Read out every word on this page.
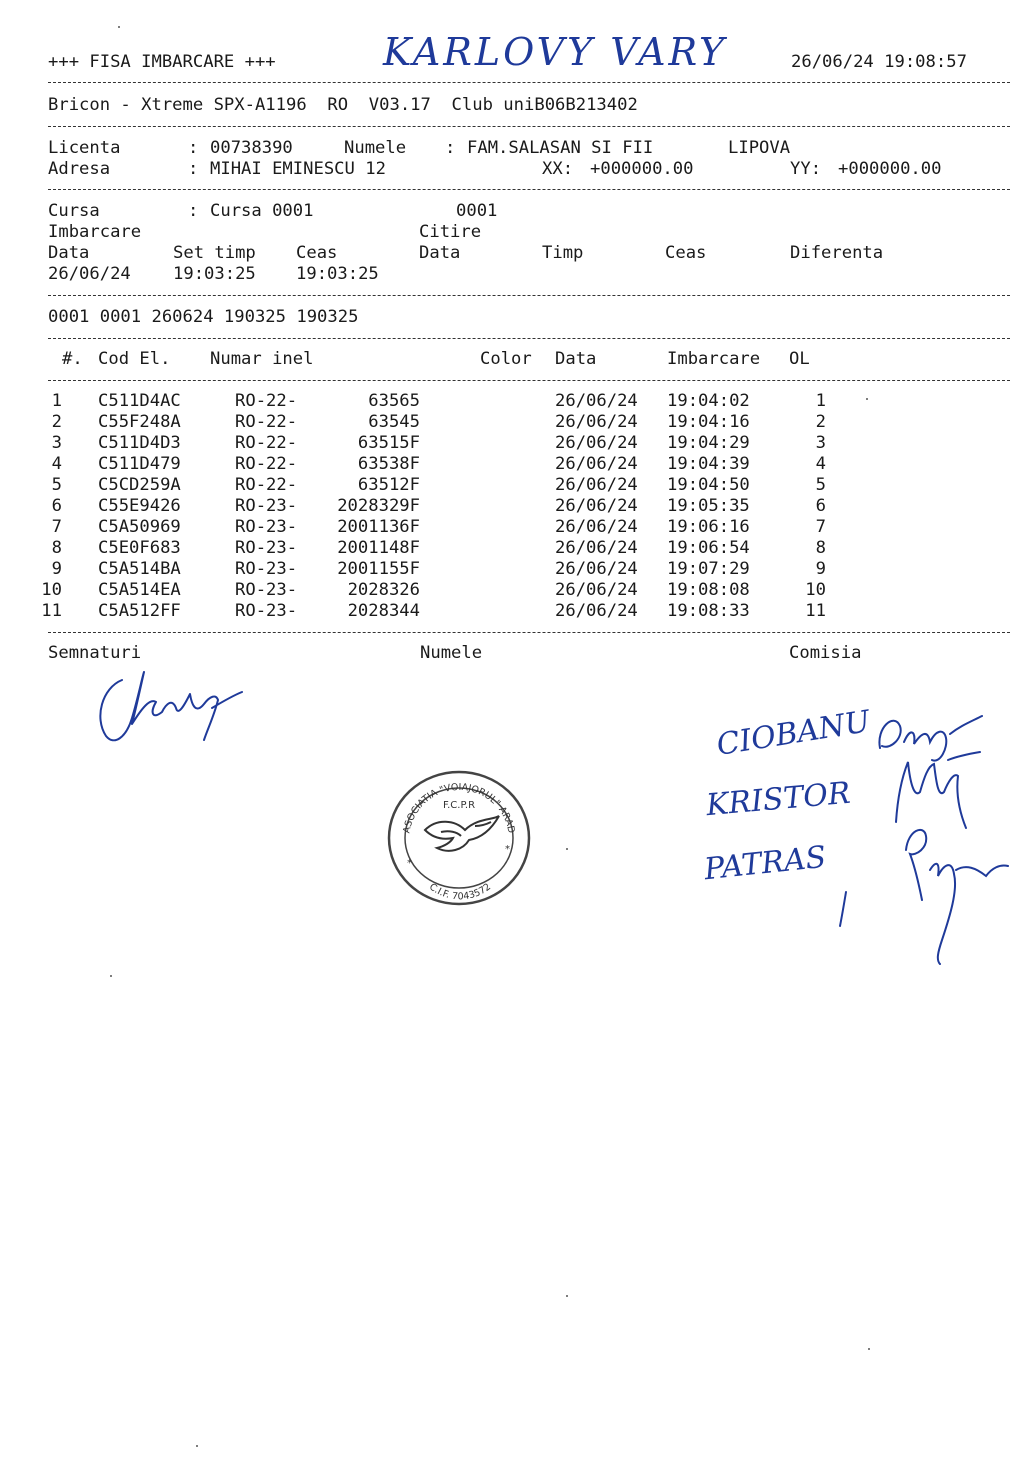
+++ FISA IMBARCARE +++	KARLOVY VARY	26/06/24 19:08:57
Bricon - Xtreme SPX-A1196  RO  V03.17  Club uniB06B213402
Licenta	: 00738390	Numele : FAM.SALASAN SI FII	LIPOVA
Adresa	: MIHAI EMINESCU 12	XX: +000000.00	YY: +000000.00
Cursa	: Cursa 0001	0001
Imbarcare	Citire
Data	Set timp Ceas	Data	Timp	Ceas	Diferenta
26/06/24 19:03:25 19:03:25
0001 0001 260624 190325 190325
#. Cod El. Numar inel	Color Data	Imbarcare OL
1 C511D4AC	RO-22-	63565	26/06/24 19:04:02	1
2 C55F248A	RO-22-	63545	26/06/24 19:04:16	2
3 C511D4D3	RO-22-	63515F	26/06/24 19:04:29	3
4 C511D479	RO-22-	63538F	26/06/24 19:04:39	4
5 C5CD259A	RO-22-	63512F	26/06/24 19:04:50	5
6 C55E9426	RO-23- 2028329F	26/06/24 19:05:35	6
7 C5A50969	RO-23- 2001136F	26/06/24 19:06:16	7
8 C5E0F683	RO-23- 2001148F	26/06/24 19:06:54	8
9 C5A514BA	RO-23- 2001155F	26/06/24 19:07:29	9
10 C5A514EA	RO-23-	2028326	26/06/24 19:08:08	10
11 C5A512FF	RO-23-	2028344	26/06/24 19:08:33	11
Semnaturi	Numele	Comisia
ASOCIATIA "VOIAJORUL" ARAD
F.C.P.R
*
*
C.I.F. 7043572
CIOBANU
KRISTOR
PATRAS
